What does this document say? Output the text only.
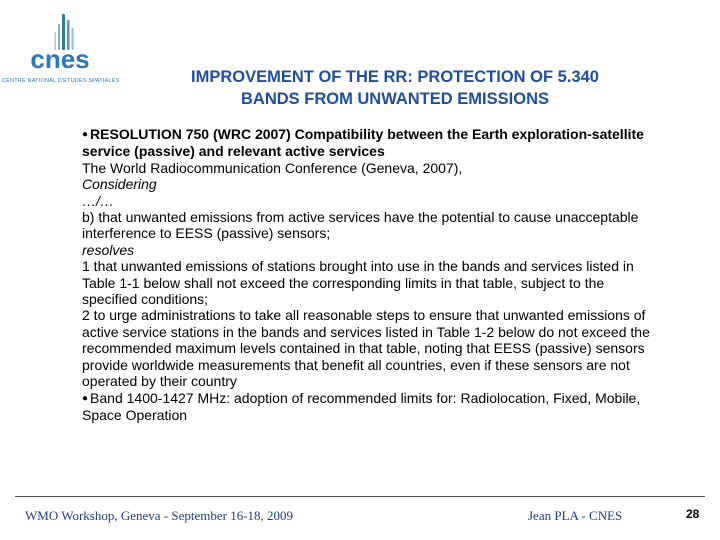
cnes
CENTRE NATIONAL D'ETUDES SPATIALES	IMPROVEMENT OF THE RR: PROTECTION OF 5.340
BANDS FROM UNWANTED EMISSIONS

● RESOLUTION 750 (WRC 2007) Compatibility between the Earth exploration-satellite service (passive) and relevant active services

The World Radiocommunication Conference (Geneva, 2007),

Considering

…/…

b) that unwanted emissions from active services have the potential to cause unacceptable interference to EESS (passive) sensors;

resolves

1 that unwanted emissions of stations brought into use in the bands and services listed in Table 1-1 below shall not exceed the corresponding limits in that table, subject to the specified conditions;

2 to urge administrations to take all reasonable steps to ensure that unwanted emissions of active service stations in the bands and services listed in Table 1-2 below do not exceed the recommended maximum levels contained in that table, noting that EESS (passive) sensors provide worldwide measurements that benefit all countries, even if these sensors are not operated by their country

● Band 1400-1427 MHz: adoption of recommended limits for: Radiolocation, Fixed, Mobile, Space Operation

WMO Workshop, Geneva - September 16-18, 2009	Jean PLA - CNES	28
